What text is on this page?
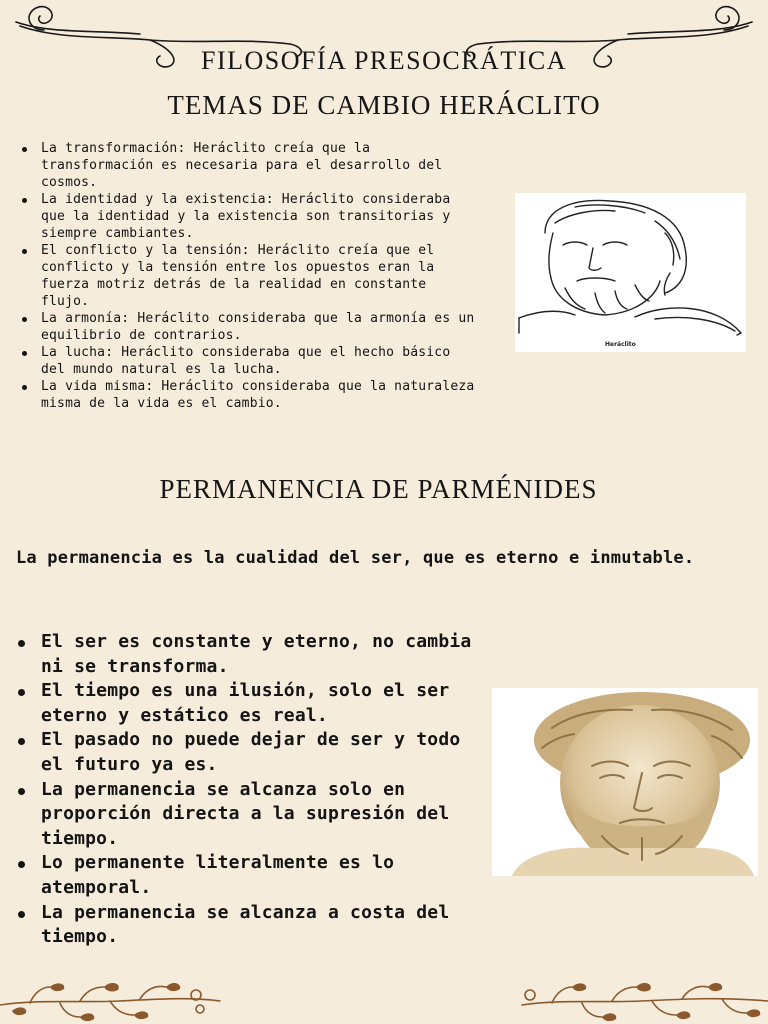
FILOSOFÍA PRESOCRÁTICA
TEMAS DE CAMBIO HERÁCLITO
La transformación: Heráclito creía que la transformación es necesaria para el desarrollo del cosmos.
La identidad y la existencia: Heráclito consideraba que la identidad y la existencia son transitorias y siempre cambiantes.
El conflicto y la tensión: Heráclito creía que el conflicto y la tensión entre los opuestos eran la fuerza motriz detrás de la realidad en constante flujo.
La armonía: Heráclito consideraba que la armonía es un equilibrio de contrarios.
La lucha: Heráclito consideraba que el hecho básico del mundo natural es la lucha.
La vida misma: Heráclito consideraba que la naturaleza misma de la vida es el cambio.
Heráclito
PERMANENCIA DE PARMÉNIDES
La permanencia es la cualidad del ser, que es eterno e inmutable.
El ser es constante y eterno, no cambia ni se transforma.
El tiempo es una ilusión, solo el ser eterno y estático es real.
El pasado no puede dejar de ser y todo el futuro ya es.
La permanencia se alcanza solo en proporción directa a la supresión del tiempo.
Lo permanente literalmente es lo atemporal.
La permanencia se alcanza a costa del tiempo.
